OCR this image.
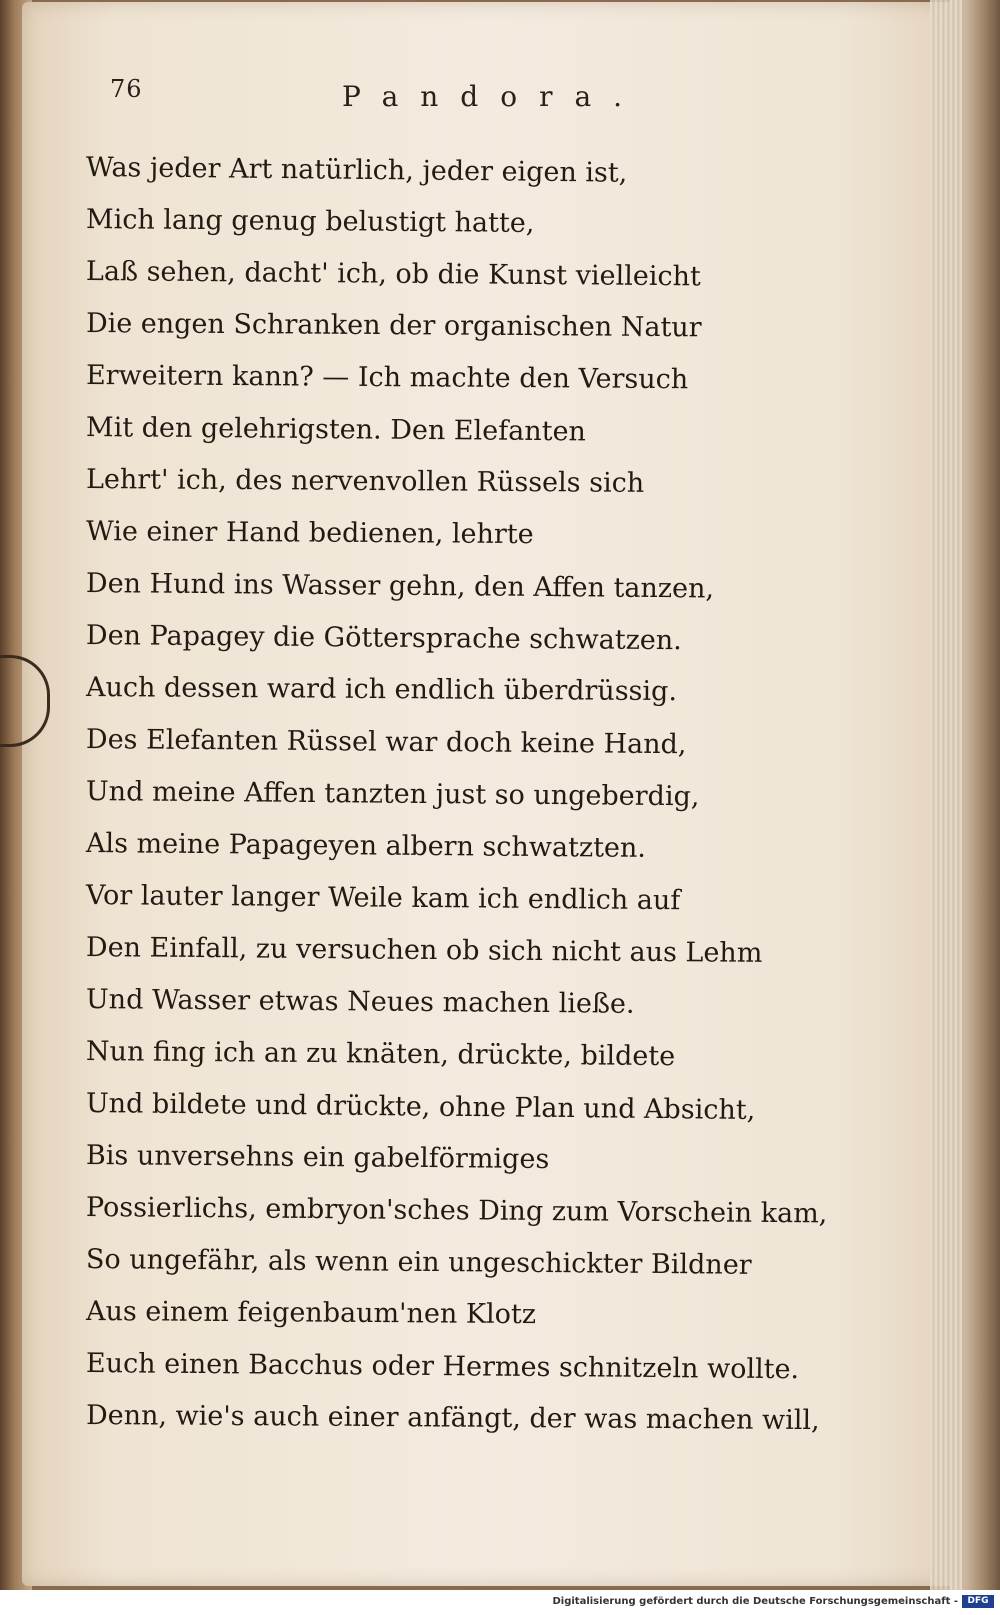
76	Pandora.
Was jeder Art natürlich, jeder eigen ist,
Mich lang genug belustigt hatte,
Laß sehen, dacht' ich, ob die Kunst vielleicht
Die engen Schranken der organischen Natur
Erweitern kann? — Ich machte den Versuch
Mit den gelehrigsten. Den Elefanten
Lehrt' ich, des nervenvollen Rüssels sich
Wie einer Hand bedienen, lehrte
Den Hund ins Wasser gehn, den Affen tanzen,
Den Papagey die Göttersprache schwatzen.
Auch dessen ward ich endlich überdrüssig.
Des Elefanten Rüssel war doch keine Hand,
Und meine Affen tanzten just so ungeberdig,
Als meine Papageyen albern schwatzten.
Vor lauter langer Weile kam ich endlich auf
Den Einfall, zu versuchen ob sich nicht aus Lehm
Und Wasser etwas Neues machen ließe.
Nun fing ich an zu knäten, drückte, bildete
Und bildete und drückte, ohne Plan und Absicht,
Bis unversehns ein gabelförmiges
Possierlichs, embryon'sches Ding zum Vorschein kam,
So ungefähr, als wenn ein ungeschickter Bildner
Aus einem feigenbaum'nen Klotz
Euch einen Bacchus oder Hermes schnitzeln wollte.
Denn, wie's auch einer anfängt, der was machen will,
Digitalisierung gefördert durch die Deutsche Forschungsgemeinschaft -	DFG
